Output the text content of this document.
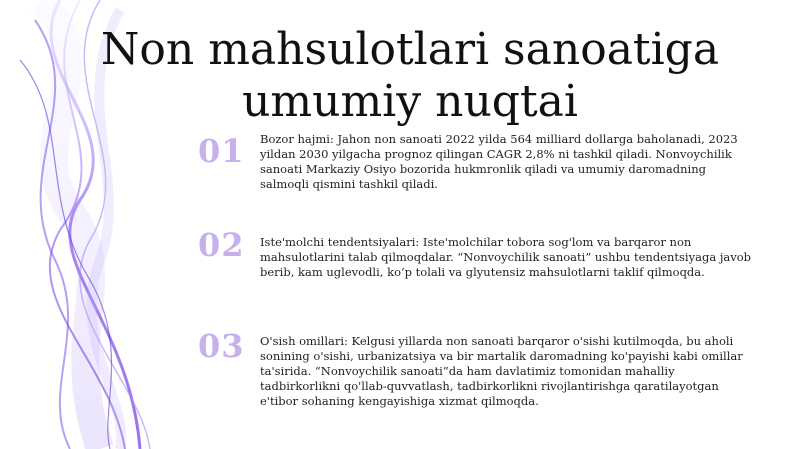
Non mahsulotlari sanoatiga umumiy nuqtai
01 Bozor hajmi: Jahon non sanoati 2022 yilda 564 milliard dollarga baholanadi, 2023 yildan 2030 yilgacha prognoz qilingan CAGR 2,8% ni tashkil qiladi. Nonvoychilik sanoati Markaziy Osiyo bozorida hukmronlik qiladi va umumiy daromadning salmoqli qismini tashkil qiladi.
02 Iste'molchi tendentsiyalari: Iste'molchilar tobora sog'lom va barqaror non mahsulotlarini talab qilmoqdalar. “Nonvoychilik sanoati” ushbu tendentsiyaga javob berib, kam uglevodli, ko‘p tolali va glyutensiz mahsulotlarni taklif qilmoqda.
03 O'sish omillari: Kelgusi yillarda non sanoati barqaror o'sishi kutilmoqda, bu aholi sonining o'sishi, urbanizatsiya va bir martalik daromadning ko'payishi kabi omillar ta'sirida. “Nonvoychilik sanoati”da ham davlatimiz tomonidan mahalliy tadbirkorlikni qo'llab-quvvatlash, tadbirkorlikni rivojlantirishga qaratilayotgan e'tibor sohaning kengayishiga xizmat qilmoqda.
